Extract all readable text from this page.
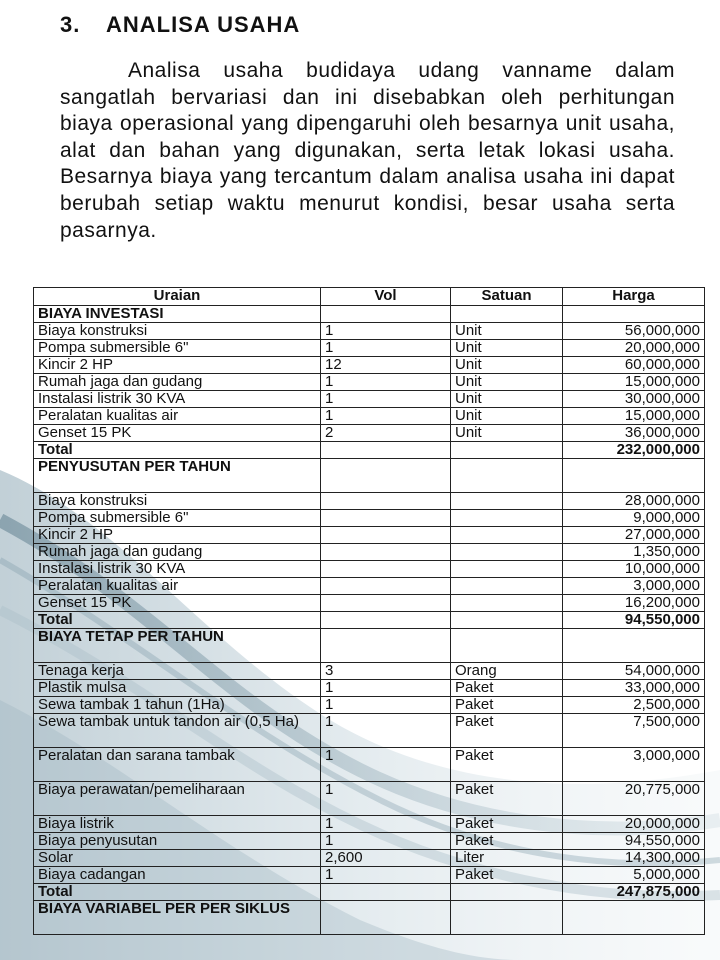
3. ANALISA USAHA

Analisa usaha budidaya udang vanname dalam sangatlah bervariasi dan ini disebabkan oleh perhitungan biaya operasional yang dipengaruhi oleh besarnya unit usaha, alat dan bahan yang digunakan, serta letak lokasi usaha. Besarnya biaya yang tercantum dalam analisa usaha ini dapat berubah setiap waktu menurut kondisi, besar usaha serta pasarnya.

Uraian	Vol	Satuan	Harga
BIAYA INVESTASI			
Biaya konstruksi	1	Unit	56,000,000
Pompa submersible 6"	1	Unit	20,000,000
Kincir 2 HP	12	Unit	60,000,000
Rumah jaga dan gudang	1	Unit	15,000,000
Instalasi listrik 30 KVA	1	Unit	30,000,000
Peralatan kualitas air	1	Unit	15,000,000
Genset 15 PK	2	Unit	36,000,000
Total			232,000,000
PENYUSUTAN PER TAHUN			
Biaya konstruksi			28,000,000
Pompa submersible 6"			9,000,000
Kincir 2 HP			27,000,000
Rumah jaga dan gudang			1,350,000
Instalasi listrik 30 KVA			10,000,000
Peralatan kualitas air			3,000,000
Genset 15 PK			16,200,000
Total			94,550,000
BIAYA TETAP PER TAHUN			
Tenaga kerja	3	Orang	54,000,000
Plastik mulsa	1	Paket	33,000,000
Sewa tambak 1 tahun (1Ha)	1	Paket	2,500,000
Sewa tambak untuk tandon air (0,5 Ha)	1	Paket	7,500,000
Peralatan dan sarana tambak	1	Paket	3,000,000
Biaya perawatan/pemeliharaan	1	Paket	20,775,000
Biaya listrik	1	Paket	20,000,000
Biaya penyusutan	1	Paket	94,550,000
Solar	2,600	Liter	14,300,000
Biaya cadangan	1	Paket	5,000,000
Total			247,875,000
BIAYA VARIABEL PER PER SIKLUS			
